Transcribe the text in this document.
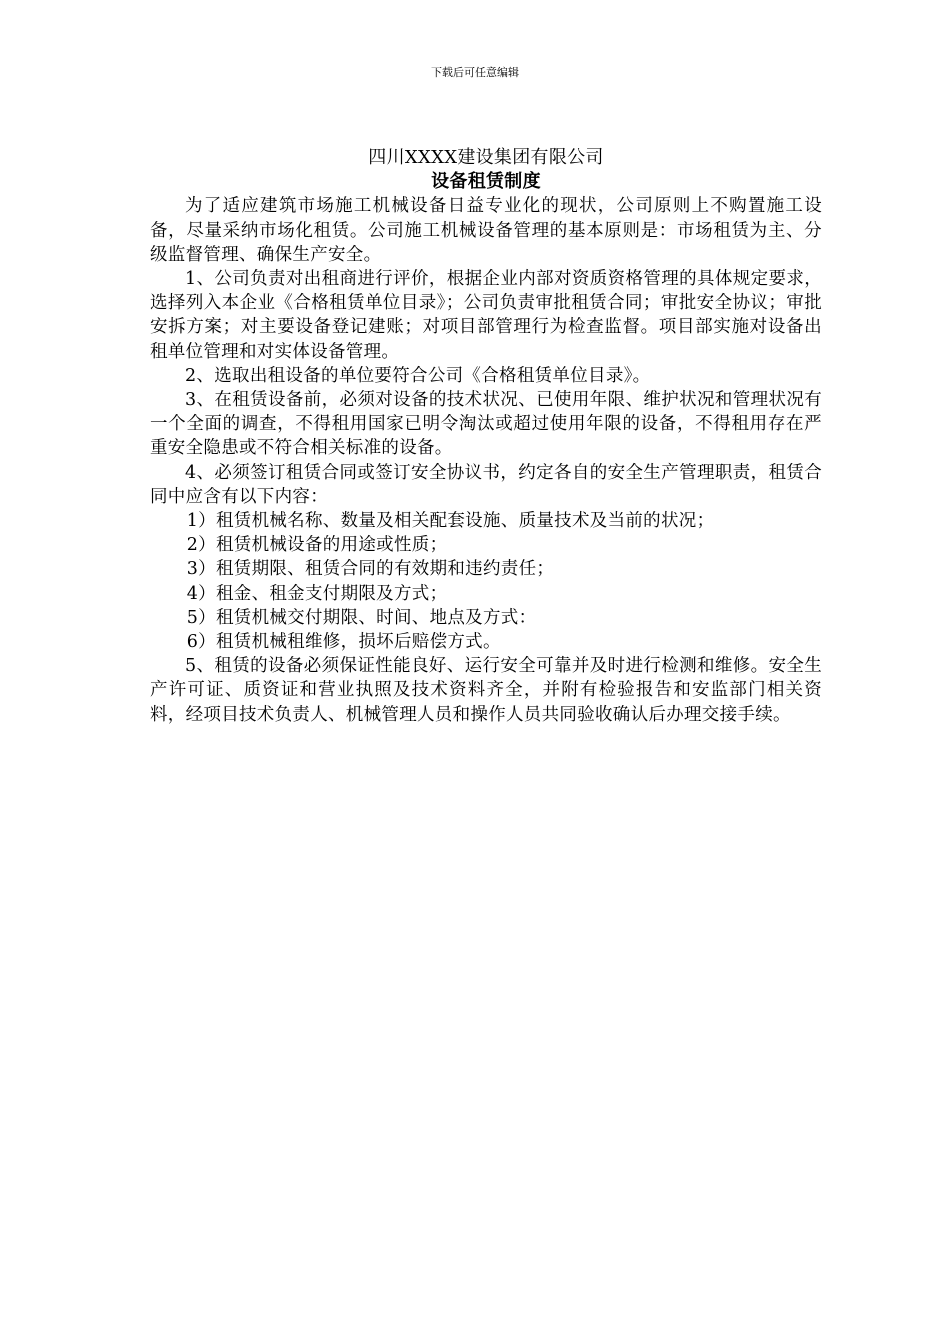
下载后可任意编辑

四川XXXX建设集团有限公司

设备租赁制度

为了适应建筑市场施工机械设备日益专业化的现状，公司原则上不购置施工设备，尽量采纳市场化租赁。公司施工机械设备管理的基本原则是：市场租赁为主、分级监督管理、确保生产安全。

1、公司负责对出租商进行评价，根据企业内部对资质资格管理的具体规定要求，选择列入本企业《合格租赁单位目录》；公司负责审批租赁合同；审批安全协议；审批安拆方案；对主要设备登记建账；对项目部管理行为检查监督。项目部实施对设备出租单位管理和对实体设备管理。

2、选取出租设备的单位要符合公司《合格租赁单位目录》。

3、在租赁设备前，必须对设备的技术状况、已使用年限、维护状况和管理状况有一个全面的调查，不得租用国家已明令淘汰或超过使用年限的设备，不得租用存在严重安全隐患或不符合相关标准的设备。

4、必须签订租赁合同或签订安全协议书，约定各自的安全生产管理职责，租赁合同中应含有以下内容：

1）租赁机械名称、数量及相关配套设施、质量技术及当前的状况；

2）租赁机械设备的用途或性质；

3）租赁期限、租赁合同的有效期和违约责任；

4）租金、租金支付期限及方式；

5）租赁机械交付期限、时间、地点及方式：

6）租赁机械租维修，损坏后赔偿方式。

5、租赁的设备必须保证性能良好、运行安全可靠并及时进行检测和维修。安全生产许可证、质资证和营业执照及技术资料齐全，并附有检验报告和安监部门相关资料，经项目技术负责人、机械管理人员和操作人员共同验收确认后办理交接手续。
